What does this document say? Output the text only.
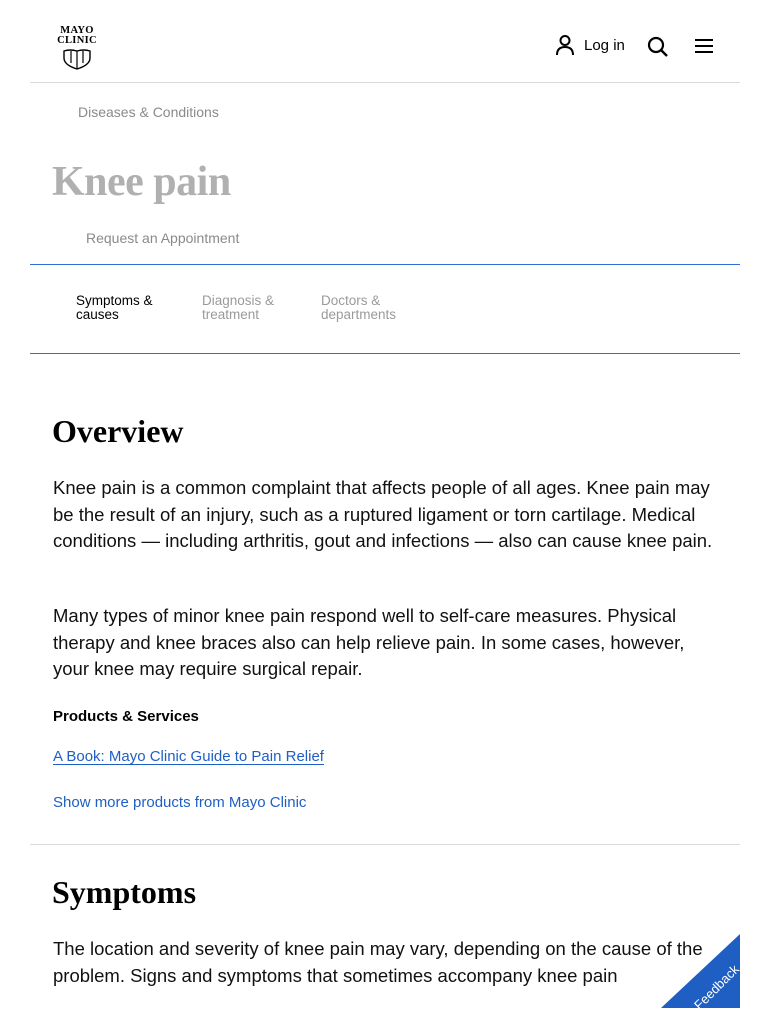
MAYO
CLINIC	Log in
Diseases & Conditions
Knee pain
Request an Appointment
Symptoms &
causes
Diagnosis &
treatment
Doctors &
departments
Overview

Knee pain is a common complaint that affects people of all ages. Knee pain may be the result of an injury, such as a ruptured ligament or torn cartilage. Medical conditions — including arthritis, gout and infections — also can cause knee pain.

Many types of minor knee pain respond well to self-care measures. Physical therapy and knee braces also can help relieve pain. In some cases, however, your knee may require surgical repair.

Products & Services
A Book: Mayo Clinic Guide to Pain Relief
Show more products from Mayo Clinic
Symptoms

The location and severity of knee pain may vary, depending on the cause of the problem. Signs and symptoms that sometimes accompany knee pain	Feedback
